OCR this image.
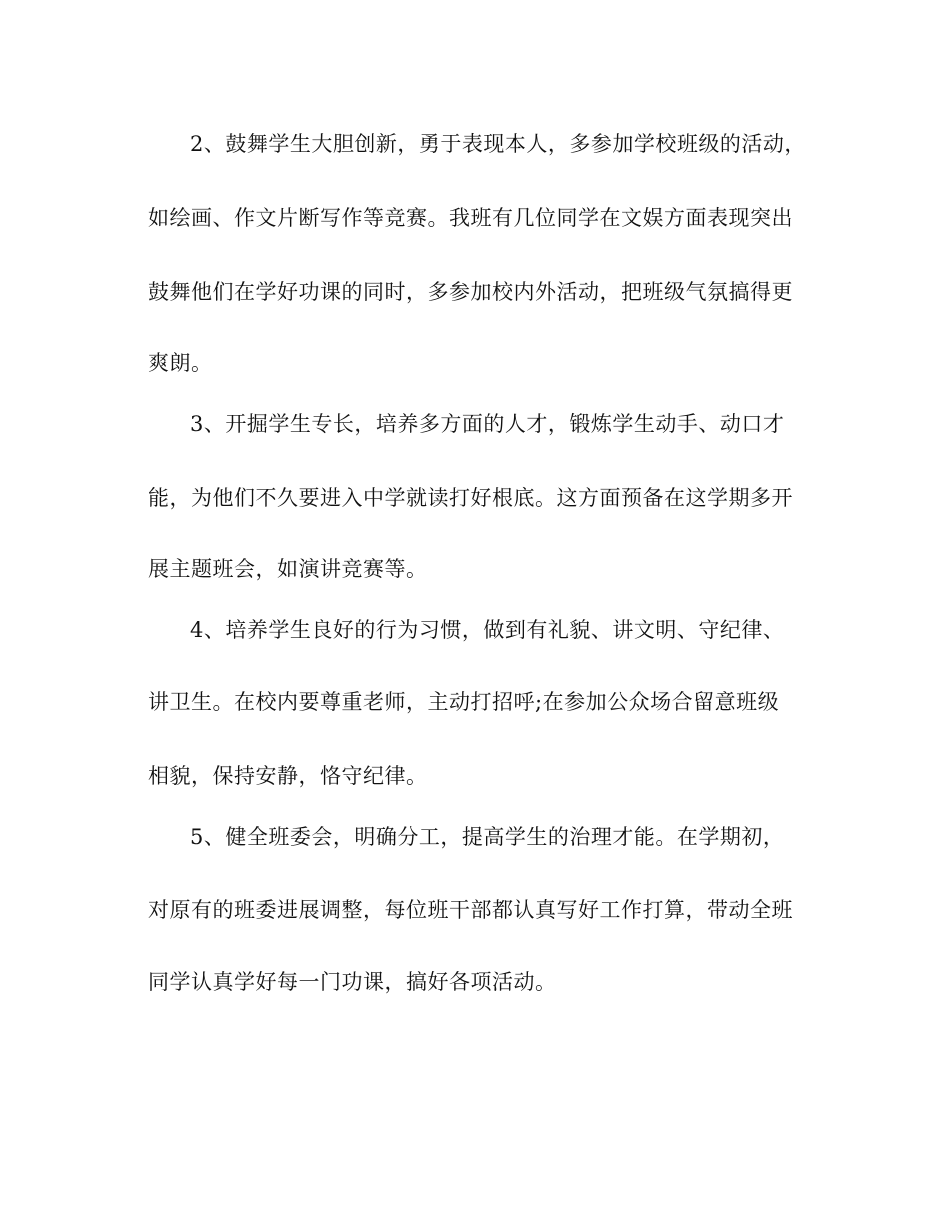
2、鼓舞学生大胆创新，勇于表现本人，多参加学校班级的活动，
如绘画、作文片断写作等竞赛。我班有几位同学在文娱方面表现突出
鼓舞他们在学好功课的同时，多参加校内外活动，把班级气氛搞得更
爽朗。
3、开掘学生专长，培养多方面的人才，锻炼学生动手、动口才
能，为他们不久要进入中学就读打好根底。这方面预备在这学期多开
展主题班会，如演讲竞赛等。
4、培养学生良好的行为习惯，做到有礼貌、讲文明、守纪律、
讲卫生。在校内要尊重老师，主动打招呼;在参加公众场合留意班级
相貌，保持安静，恪守纪律。
5、健全班委会，明确分工，提高学生的治理才能。在学期初，
对原有的班委进展调整，每位班干部都认真写好工作打算，带动全班
同学认真学好每一门功课，搞好各项活动。
